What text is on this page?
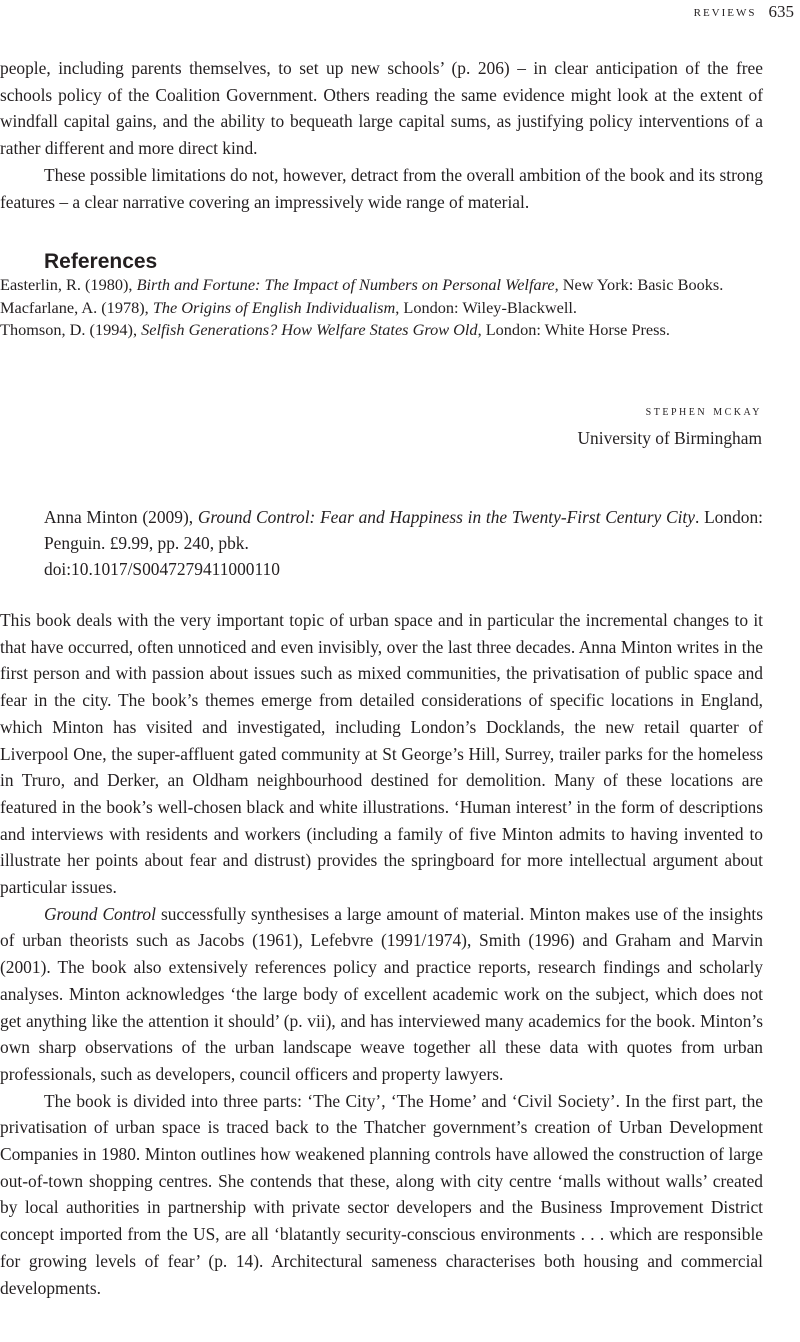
reviews 635

people, including parents themselves, to set up new schools’ (p. 206) – in clear anticipation of the free schools policy of the Coalition Government. Others reading the same evidence might look at the extent of windfall capital gains, and the ability to bequeath large capital sums, as justifying policy interventions of a rather different and more direct kind.

These possible limitations do not, however, detract from the overall ambition of the book and its strong features – a clear narrative covering an impressively wide range of material.

References

Easterlin, R. (1980), Birth and Fortune: The Impact of Numbers on Personal Welfare, New York: Basic Books.

Macfarlane, A. (1978), The Origins of English Individualism, London: Wiley-Blackwell.

Thomson, D. (1994), Selfish Generations? How Welfare States Grow Old, London: White Horse Press.

stephen mckay
University of Birmingham

Anna Minton (2009), Ground Control: Fear and Happiness in the Twenty-First Century City. London: Penguin. £9.99, pp. 240, pbk.
doi:10.1017/S0047279411000110

This book deals with the very important topic of urban space and in particular the incremental changes to it that have occurred, often unnoticed and even invisibly, over the last three decades. Anna Minton writes in the first person and with passion about issues such as mixed communities, the privatisation of public space and fear in the city. The book’s themes emerge from detailed considerations of specific locations in England, which Minton has visited and investigated, including London’s Docklands, the new retail quarter of Liverpool One, the super-affluent gated community at St George’s Hill, Surrey, trailer parks for the homeless in Truro, and Derker, an Oldham neighbourhood destined for demolition. Many of these locations are featured in the book’s well-chosen black and white illustrations. ‘Human interest’ in the form of descriptions and interviews with residents and workers (including a family of five Minton admits to having invented to illustrate her points about fear and distrust) provides the springboard for more intellectual argument about particular issues.

Ground Control successfully synthesises a large amount of material. Minton makes use of the insights of urban theorists such as Jacobs (1961), Lefebvre (1991/1974), Smith (1996) and Graham and Marvin (2001). The book also extensively references policy and practice reports, research findings and scholarly analyses. Minton acknowledges ‘the large body of excellent academic work on the subject, which does not get anything like the attention it should’ (p. vii), and has interviewed many academics for the book. Minton’s own sharp observations of the urban landscape weave together all these data with quotes from urban professionals, such as developers, council officers and property lawyers.

The book is divided into three parts: ‘The City’, ‘The Home’ and ‘Civil Society’. In the first part, the privatisation of urban space is traced back to the Thatcher government’s creation of Urban Development Companies in 1980. Minton outlines how weakened planning controls have allowed the construction of large out-of-town shopping centres. She contends that these, along with city centre ‘malls without walls’ created by local authorities in partnership with private sector developers and the Business Improvement District concept imported from the US, are all ‘blatantly security-conscious environments . . . which are responsible for growing levels of fear’ (p. 14). Architectural sameness characterises both housing and commercial developments.
